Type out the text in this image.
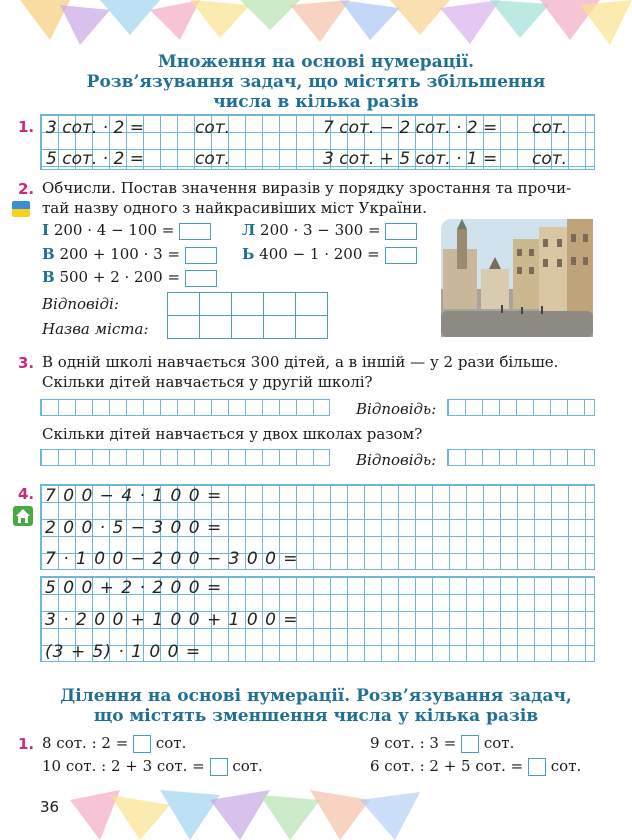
Множення на основі нумерації.
Розв’язування задач, що містять збільшення
числа в кілька разів
1. 3 сот. · 2 =	сот.	7 сот. − 2 сот. · 2 = сот.
5 сот. · 2 =	сот.	3 сот. + 5 сот. · 1 = сот.
2. Обчисли. Постав значення виразів у порядку зростання та прочи-
тай назву одного з найкрасивіших міст України.
І 200 · 4 − 100 =	Л 200 · 3 − 300 =
В 200 + 100 · 3 =	Ь 400 − 1 · 200 =
В 500 + 2 · 200 =
Відповіді:
Назва міста:

3. В одній школі навчається 300 дітей, а в іншій — у 2 рази більше.
Скільки дітей навчається у другій школі?
Відповідь:
Скільки дітей навчається у двох школах разом?
Відповідь:
4. 7 0 0 − 4 · 1 0 0 =
2 0 0 · 5 − 3 0 0 =
7 · 1 0 0 − 2 0 0 − 3 0 0 =
5 0 0 + 2 · 2 0 0 =
3 · 2 0 0 + 1 0 0 + 1 0 0 =
(3 + 5) · 1 0 0 =
Ділення на основі нумерації. Розв’язування задач,
що містять зменшення числа у кілька разів
1. 8 сот. : 2 = сот.	9 сот. : 3 = сот.
10 сот. : 2 + 3 сот. = сот.	6 сот. : 2 + 5 сот. = сот.
36
